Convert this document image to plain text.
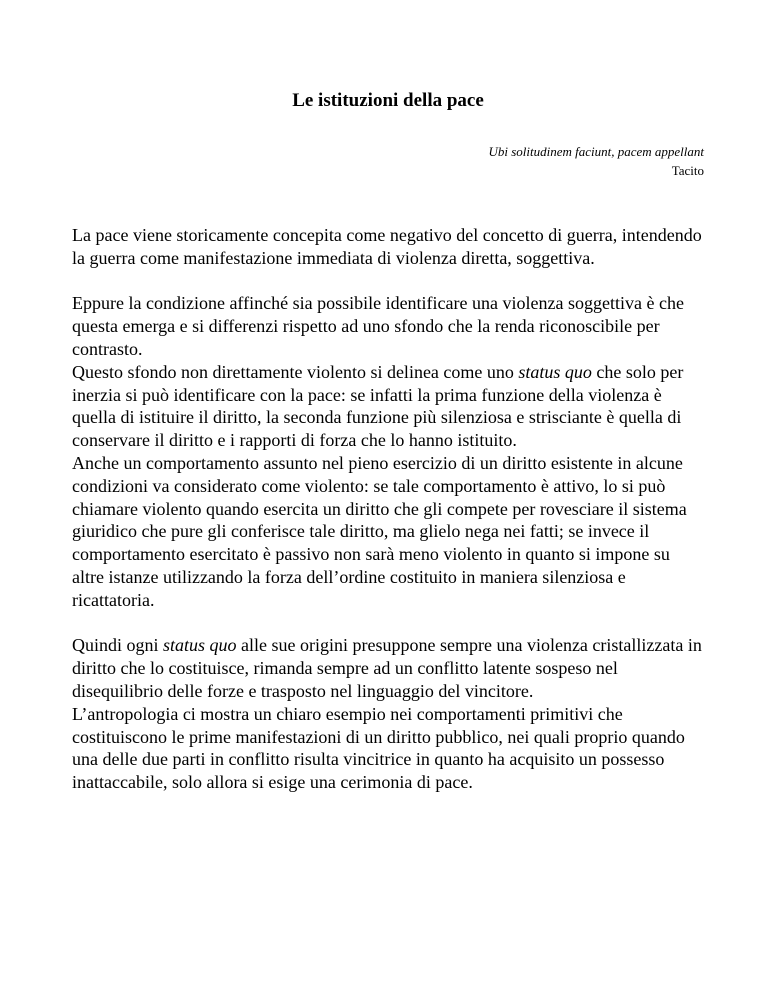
Le istituzioni della pace
Ubi solitudinem faciunt, pacem appellant
Tacito

La pace viene storicamente concepita come negativo del concetto di guerra, intendendo la guerra come manifestazione immediata di violenza diretta, soggettiva.

Eppure la condizione affinché sia possibile identificare una violenza soggettiva è che questa emerga e si differenzi rispetto ad uno sfondo che la renda riconoscibile per contrasto.

Questo sfondo non direttamente violento si delinea come uno status quo che solo per inerzia si può identificare con la pace: se infatti la prima funzione della violenza è quella di istituire il diritto, la seconda funzione più silenziosa e strisciante è quella di conservare il diritto e i rapporti di forza che lo hanno istituito.

Anche un comportamento assunto nel pieno esercizio di un diritto esistente in alcune condizioni va considerato come violento: se tale comportamento è attivo, lo si può chiamare violento quando esercita un diritto che gli compete per rovesciare il sistema giuridico che pure gli conferisce tale diritto, ma glielo nega nei fatti; se invece il comportamento esercitato è passivo non sarà meno violento in quanto si impone su altre istanze utilizzando la forza dell’ordine costituito in maniera silenziosa e ricattatoria.

Quindi ogni status quo alle sue origini presuppone sempre una violenza cristallizzata in diritto che lo costituisce, rimanda sempre ad un conflitto latente sospeso nel disequilibrio delle forze e trasposto nel linguaggio del vincitore.

L’antropologia ci mostra un chiaro esempio nei comportamenti primitivi che costituiscono le prime manifestazioni di un diritto pubblico, nei quali proprio quando una delle due parti in conflitto risulta vincitrice in quanto ha acquisito un possesso inattaccabile, solo allora si esige una cerimonia di pace.
